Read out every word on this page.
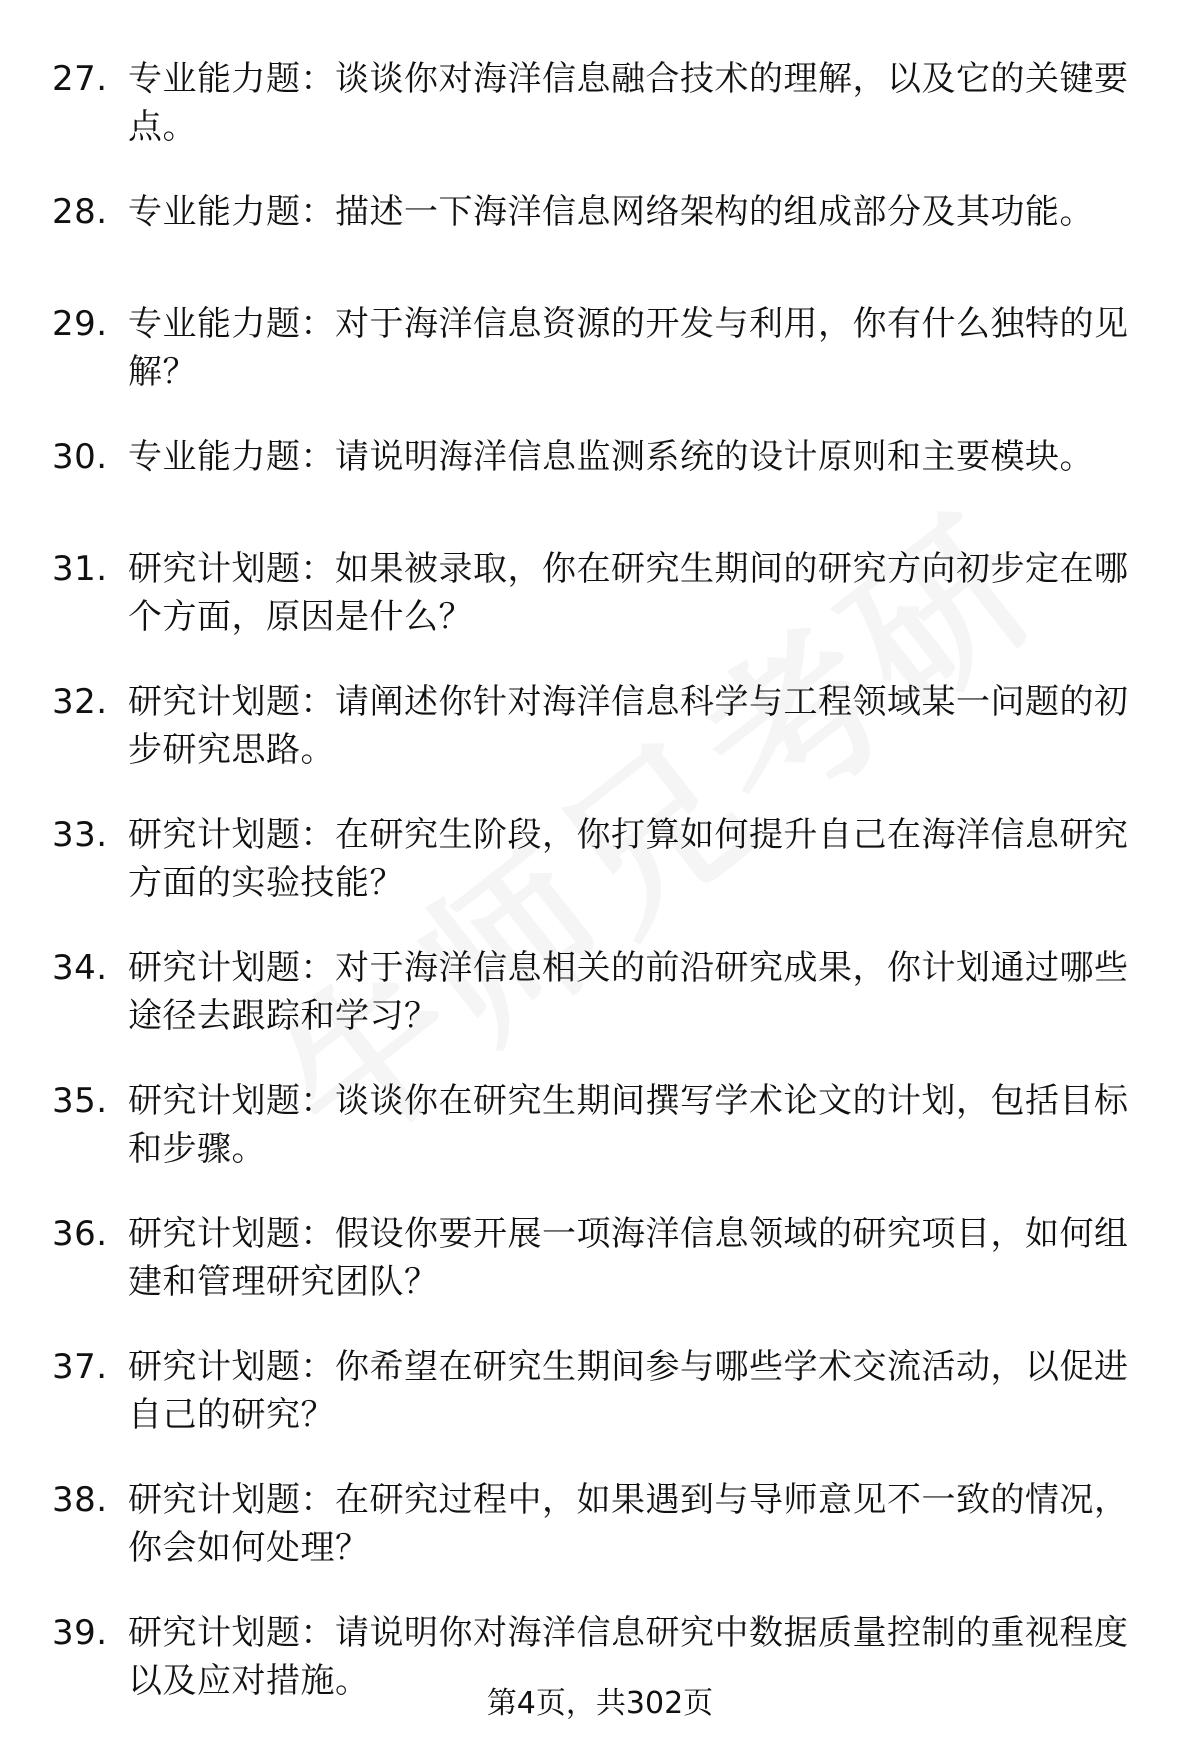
27. 专业能力题：谈谈你对海洋信息融合技术的理解，以及它的关键要点。
28. 专业能力题：描述一下海洋信息网络架构的组成部分及其功能。
29. 专业能力题：对于海洋信息资源的开发与利用，你有什么独特的见解？
30. 专业能力题：请说明海洋信息监测系统的设计原则和主要模块。
31. 研究计划题：如果被录取，你在研究生期间的研究方向初步定在哪个方面，原因是什么？
32. 研究计划题：请阐述你针对海洋信息科学与工程领域某一问题的初步研究思路。
33. 研究计划题：在研究生阶段，你打算如何提升自己在海洋信息研究方面的实验技能？
34. 研究计划题：对于海洋信息相关的前沿研究成果，你计划通过哪些途径去跟踪和学习？
35. 研究计划题：谈谈你在研究生期间撰写学术论文的计划，包括目标和步骤。
36. 研究计划题：假设你要开展一项海洋信息领域的研究项目，如何组建和管理研究团队？
37. 研究计划题：你希望在研究生期间参与哪些学术交流活动，以促进自己的研究？
38. 研究计划题：在研究过程中，如果遇到与导师意见不一致的情况，你会如何处理？
39. 研究计划题：请说明你对海洋信息研究中数据质量控制的重视程度以及应对措施。
第4页，共302页
